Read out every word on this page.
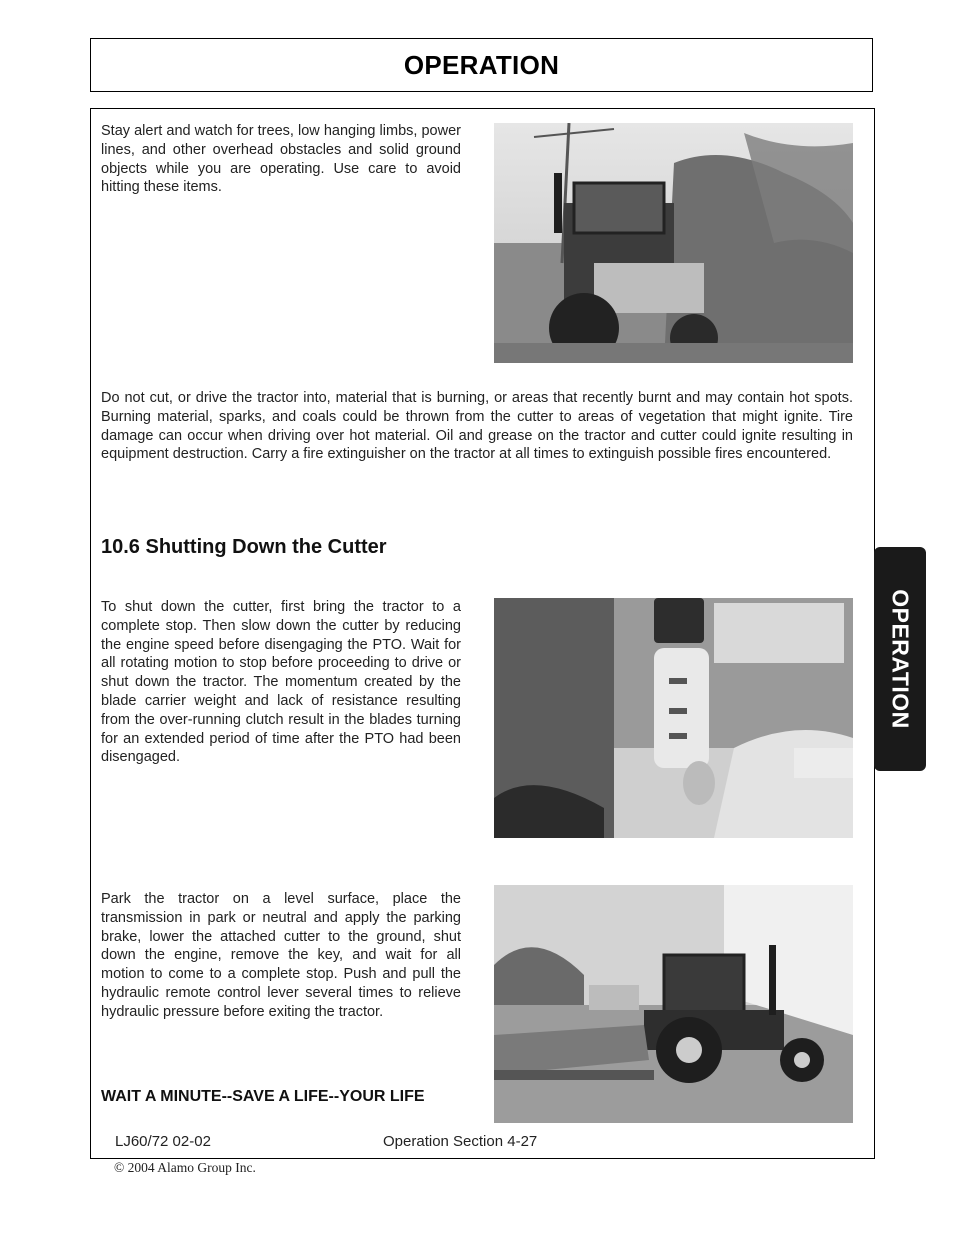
OPERATION

Stay alert and watch for trees, low hanging limbs, power lines, and other overhead obstacles and solid ground objects while you are operating. Use care to avoid hitting these items.

Do not cut, or drive the tractor into, material that is burning, or areas that recently burnt and may contain hot spots. Burning material, sparks, and coals could be thrown from the cutter to areas of vegetation that might ignite. Tire damage can occur when driving over hot material. Oil and grease on the tractor and cutter could ignite resulting in equipment destruction. Carry a fire extinguisher on the tractor at all times to extinguish possible fires encountered.

10.6 Shutting Down the Cutter

To shut down the cutter, first bring the tractor to a complete stop. Then slow down the cutter by reducing the engine speed before disengaging the PTO. Wait for all rotating motion to stop before proceeding to drive or shut down the tractor. The momentum created by the blade carrier weight and lack of resistance resulting from the over-running clutch result in the blades turning for an extended period of time after the PTO had been disengaged.

Park the tractor on a level surface, place the transmission in park or neutral and apply the parking brake, lower the attached cutter to the ground, shut down the engine, remove the key, and wait for all motion to come to a complete stop. Push and pull the hydraulic remote control lever several times to relieve hydraulic pressure before exiting the tractor.

WAIT A MINUTE--SAVE A LIFE--YOUR LIFE

LJ60/72 02-02	Operation Section 4-27
© 2004 Alamo Group Inc.
OPERATION
